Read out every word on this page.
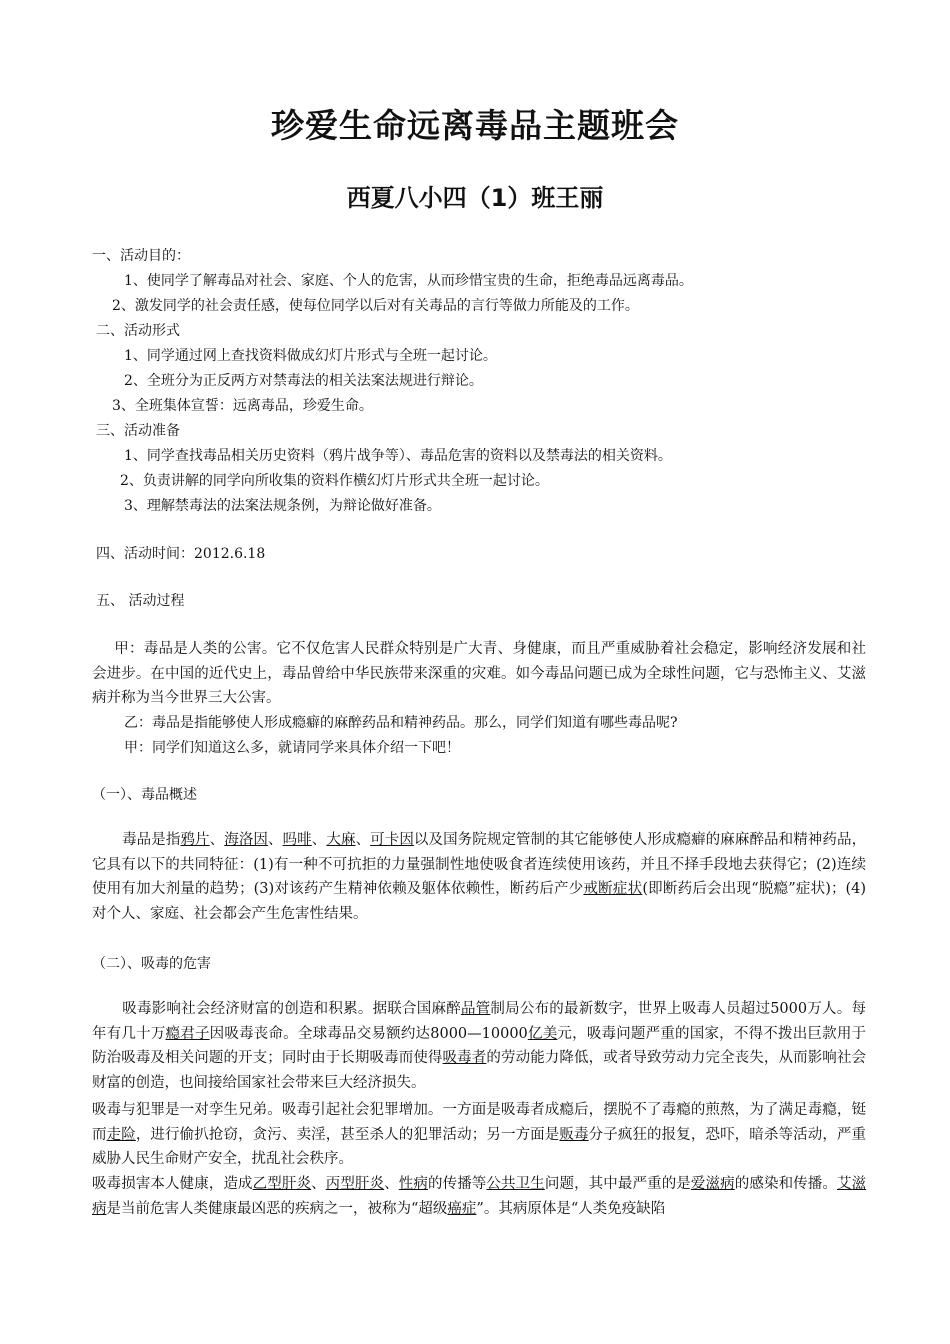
珍爱生命远离毒品主题班会
西夏八小四（1）班王丽
一、活动目的：
1、使同学了解毒品对社会、家庭、个人的危害，从而珍惜宝贵的生命，拒绝毒品远离毒品。
2、激发同学的社会责任感，使每位同学以后对有关毒品的言行等做力所能及的工作。
二、活动形式
1、同学通过网上查找资料做成幻灯片形式与全班一起讨论。
2、全班分为正反两方对禁毒法的相关法案法规进行辩论。
3、全班集体宣誓：远离毒品，珍爱生命。
三、活动准备
1、同学查找毒品相关历史资料（鸦片战争等）、毒品危害的资料以及禁毒法的相关资料。
2、负责讲解的同学向所收集的资料作横幻灯片形式共全班一起讨论。
3、理解禁毒法的法案法规条例，为辩论做好准备。
四、活动时间：2012.6.18
五、 活动过程
甲：毒品是人类的公害。它不仅危害人民群众特别是广大青、身健康，而且严重威胁着社会稳定，影响经济发展和社会进步。在中国的近代史上，毒品曾给中华民族带来深重的灾难。如今毒品问题已成为全球性问题，它与恐怖主义、艾滋病并称为当今世界三大公害。
乙：毒品是指能够使人形成瘾癖的麻醉药品和精神药品。那么，同学们知道有哪些毒品呢?
甲：同学们知道这么多，就请同学来具体介绍一下吧！
（一）、毒品概述
毒品是指鸦片、海洛因、吗啡、大麻、可卡因以及国务院规定管制的其它能够使人形成瘾癖的麻麻醉品和精神药品，它具有以下的共同特征：(1)有一种不可抗拒的力量强制性地使吸食者连续使用该药，并且不择手段地去获得它；(2)连续使用有加大剂量的趋势；(3)对该药产生精神依赖及躯体依赖性，断药后产少戒断症状(即断药后会出现“脱瘾”症状)；(4)对个人、家庭、社会都会产生危害性结果。
（二）、吸毒的危害
吸毒影响社会经济财富的创造和积累。据联合国麻醉品管制局公布的最新数字，世界上吸毒人员超过5000万人。每年有几十万瘾君子因吸毒丧命。全球毒品交易额约达8000—10000亿美元，吸毒问题严重的国家，不得不拨出巨款用于防治吸毒及相关问题的开支；同时由于长期吸毒而使得吸毒者的劳动能力降低，或者导致劳动力完全丧失，从而影响社会财富的创造，也间接给国家社会带来巨大经济损失。
吸毒与犯罪是一对孪生兄弟。吸毒引起社会犯罪增加。一方面是吸毒者成瘾后，摆脱不了毒瘾的煎熬，为了满足毒瘾，铤而走险，进行偷扒抢窃，贪污、卖淫，甚至杀人的犯罪活动；另一方面是贩毒分子疯狂的报复，恐吓，暗杀等活动，严重威胁人民生命财产安全，扰乱社会秩序。
吸毒损害本人健康，造成乙型肝炎、丙型肝炎、性病的传播等公共卫生问题，其中最严重的是爱滋病的感染和传播。艾滋病是当前危害人类健康最凶恶的疾病之一，被称为“超级癌症”。其病原体是“人类免疫缺陷
